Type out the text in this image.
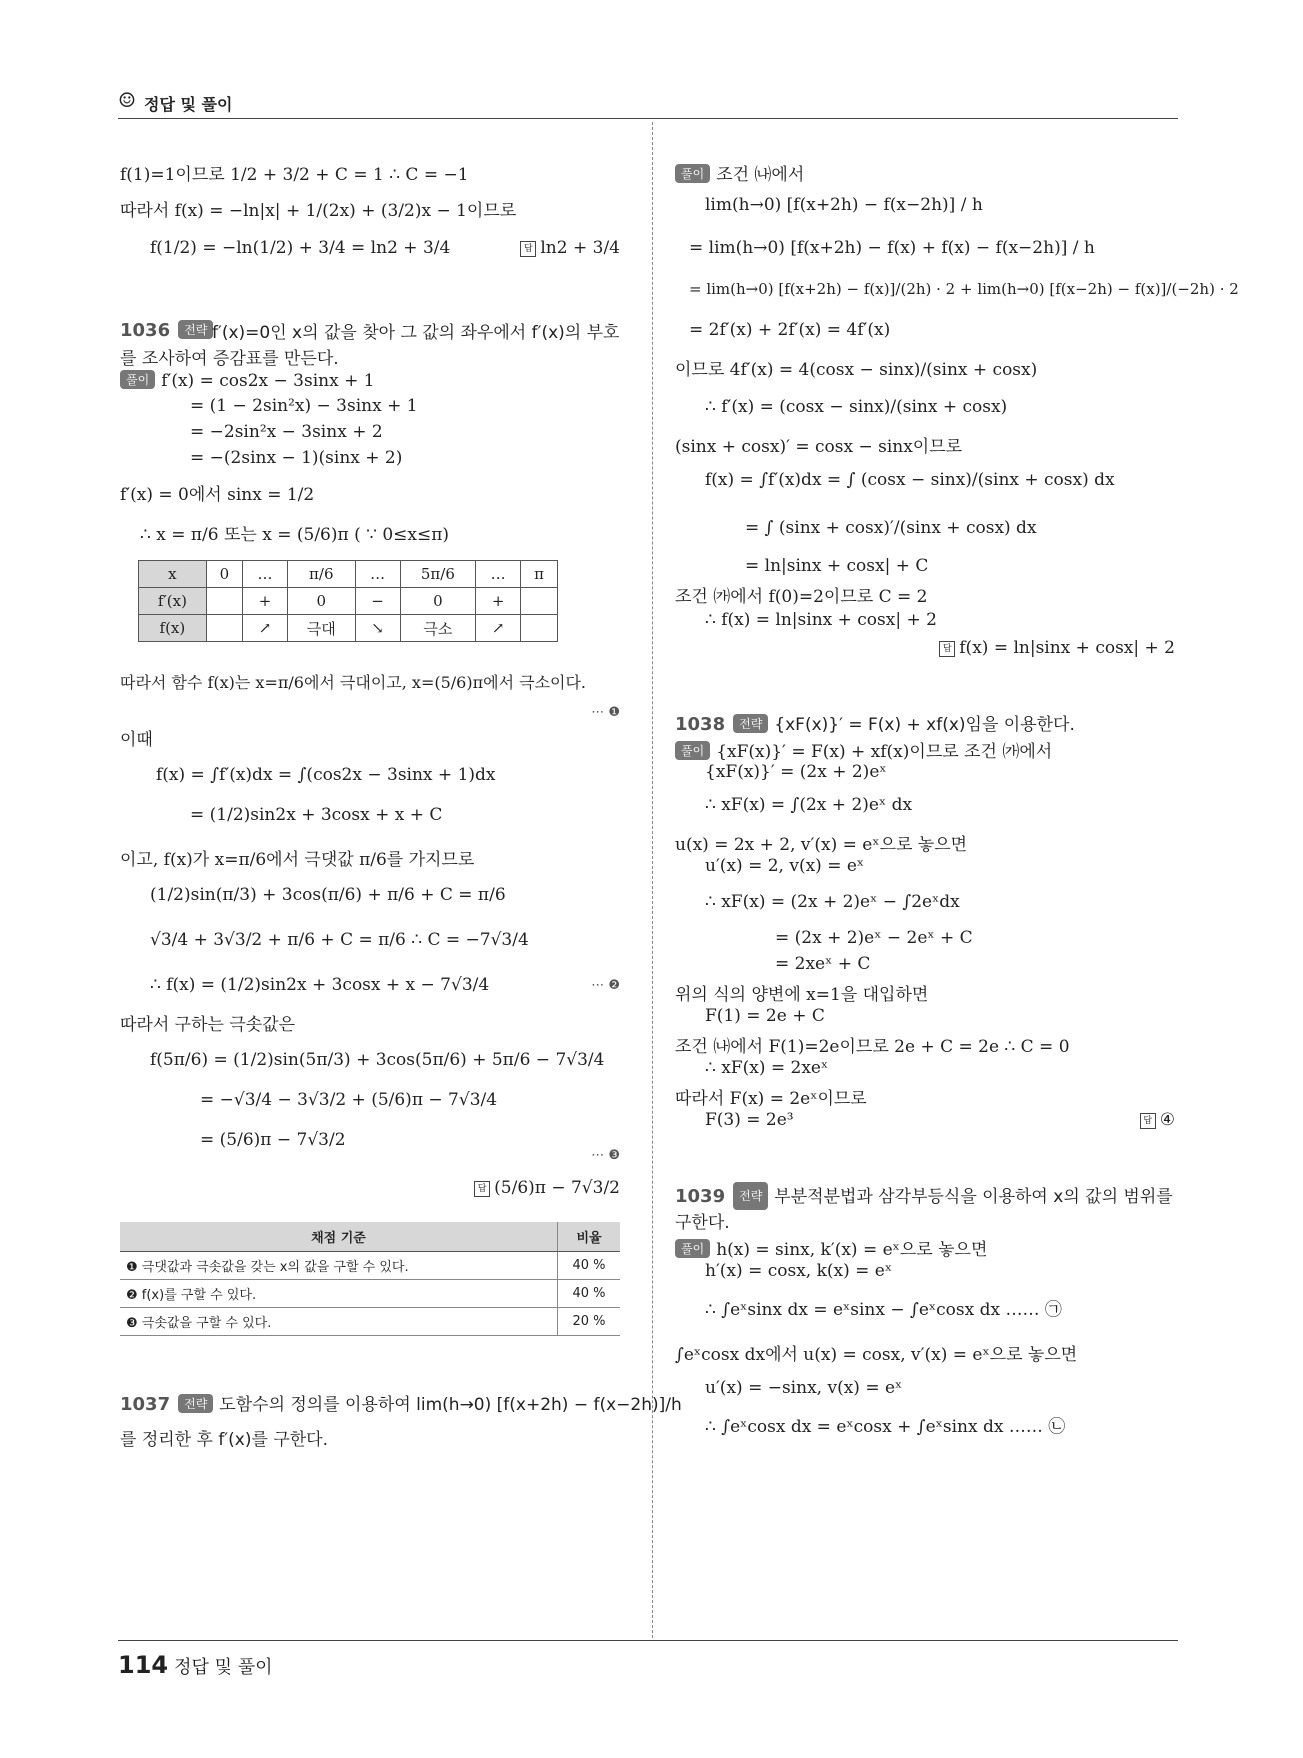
☺ 정답 및 풀이
f(1)=1이므로 1/2 + 3/2 + C = 1 ∴ C = −1
따라서 f(x) = −ln|x| + 1/(2x) + (3/2)x − 1이므로
f(1/2) = −ln(1/2) + 3/4 = ln2 + 3/4	답 ln2 + 3/4
1036 전략 f′(x)=0인 x의 값을 찾아 그 값의 좌우에서 f′(x)의 부호를 조사하여 증감표를 만든다.
풀이 f′(x) = cos2x − 3sinx + 1
= (1 − 2sin²x) − 3sinx + 1
= −2sin²x − 3sinx + 2
= −(2sinx − 1)(sinx + 2)
f′(x) = 0에서 sinx = 1/2
∴ x = π/6 또는 x = (5/6)π ( ∵ 0≤x≤π)
x	0	…	π/6	…	5π/6	…	π
f′(x)		+	0	−	0	+	
f(x)		↗	극대	↘	극소	↗	
따라서 함수 f(x)는 x=π/6에서 극대이고, x=(5/6)π에서 극소이다.
⋯ ❶
이때
f(x) = ∫f′(x)dx = ∫(cos2x − 3sinx + 1)dx
= (1/2)sin2x + 3cosx + x + C
이고, f(x)가 x=π/6에서 극댓값 π/6를 가지므로
(1/2)sin(π/3) + 3cos(π/6) + π/6 + C = π/6
√3/4 + 3√3/2 + π/6 + C = π/6 ∴ C = −7√3/4
∴ f(x) = (1/2)sin2x + 3cosx + x − 7√3/4	⋯ ❷
따라서 구하는 극솟값은
f(5π/6) = (1/2)sin(5π/3) + 3cos(5π/6) + 5π/6 − 7√3/4
= −√3/4 − 3√3/2 + (5/6)π − 7√3/4
= (5/6)π − 7√3/2
⋯ ❸
답 (5/6)π − 7√3/2
채점 기준	비율
❶ 극댓값과 극솟값을 갖는 x의 값을 구할 수 있다.	40 %
❷ f(x)를 구할 수 있다.	40 %
❸ 극솟값을 구할 수 있다.	20 %
1037 전략 도함수의 정의를 이용하여 lim(h→0) [f(x+2h) − f(x−2h)]/h
를 정리한 후 f′(x)를 구한다.
풀이 조건 ㈏에서
lim(h→0) [f(x+2h) − f(x−2h)] / h
= lim(h→0) [f(x+2h) − f(x) + f(x) − f(x−2h)] / h
= lim(h→0) [f(x+2h) − f(x)]/(2h) · 2 + lim(h→0) [f(x−2h) − f(x)]/(−2h) · 2
= 2f′(x) + 2f′(x) = 4f′(x)
이므로 4f′(x) = 4(cosx − sinx)/(sinx + cosx)
∴ f′(x) = (cosx − sinx)/(sinx + cosx)
(sinx + cosx)′ = cosx − sinx이므로
f(x) = ∫f′(x)dx = ∫ (cosx − sinx)/(sinx + cosx) dx
= ∫ (sinx + cosx)′/(sinx + cosx) dx
= ln|sinx + cosx| + C
조건 ㈎에서 f(0)=2이므로 C = 2
∴ f(x) = ln|sinx + cosx| + 2
답 f(x) = ln|sinx + cosx| + 2
1038 전략 {xF(x)}′ = F(x) + xf(x)임을 이용한다.
풀이 {xF(x)}′ = F(x) + xf(x)이므로 조건 ㈎에서
{xF(x)}′ = (2x + 2)eˣ
∴ xF(x) = ∫(2x + 2)eˣ dx
u(x) = 2x + 2, v′(x) = eˣ으로 놓으면
u′(x) = 2, v(x) = eˣ
∴ xF(x) = (2x + 2)eˣ − ∫2eˣdx
= (2x + 2)eˣ − 2eˣ + C
= 2xeˣ + C
위의 식의 양변에 x=1을 대입하면
F(1) = 2e + C
조건 ㈏에서 F(1)=2e이므로 2e + C = 2e ∴ C = 0
∴ xF(x) = 2xeˣ
따라서 F(x) = 2eˣ이므로
F(3) = 2e³	답 ④
1039 전략 부분적분법과 삼각부등식을 이용하여 x의 값의 범위를 구한다.
풀이 h(x) = sinx, k′(x) = eˣ으로 놓으면
h′(x) = cosx, k(x) = eˣ
∴ ∫eˣsinx dx = eˣsinx − ∫eˣcosx dx …… ㉠
∫eˣcosx dx에서 u(x) = cosx, v′(x) = eˣ으로 놓으면
u′(x) = −sinx, v(x) = eˣ
∴ ∫eˣcosx dx = eˣcosx + ∫eˣsinx dx …… ㉡
114 정답 및 풀이
